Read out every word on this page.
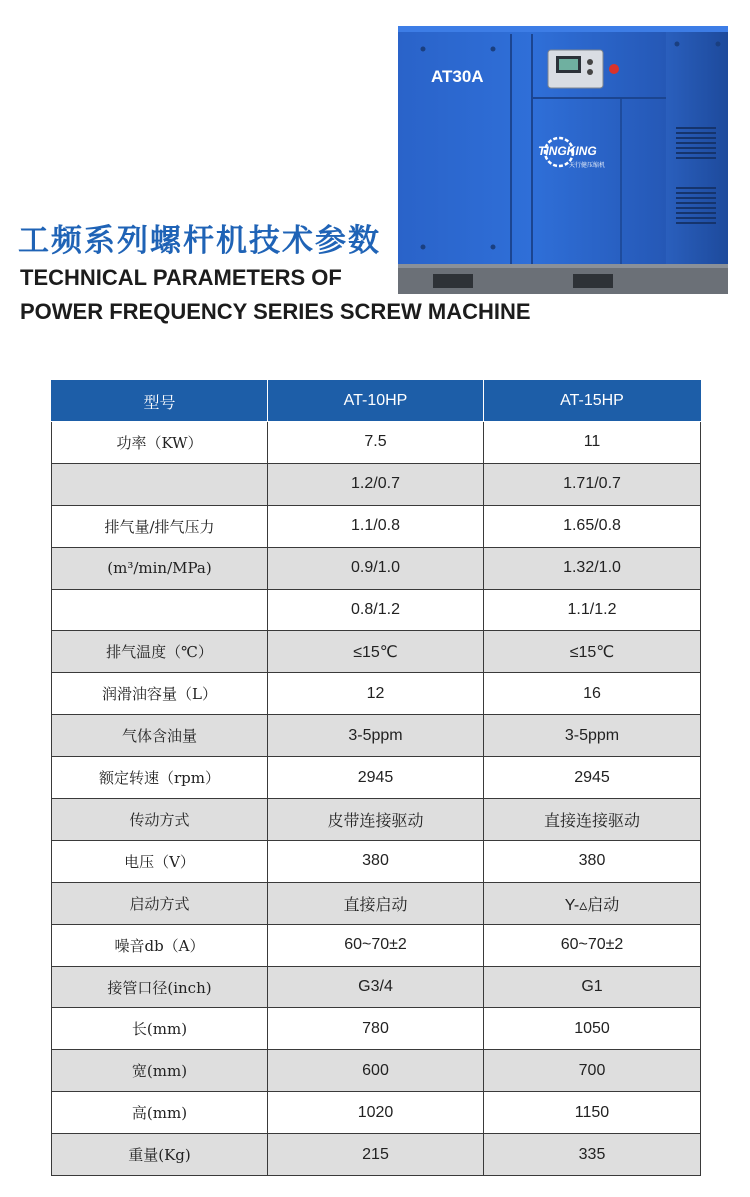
AT30A
TINGKING
天行健压缩机
工频系列螺杆机技术参数
TECHNICAL PARAMETERS OF
POWER FREQUENCY SERIES SCREW MACHINE
型号	AT-10HP	AT-15HP
功率（KW）	7.5	11
	1.2/0.7	1.71/0.7
排气量/排气压力	1.1/0.8	1.65/0.8
(m³/min/MPa)	0.9/1.0	1.32/1.0
	0.8/1.2	1.1/1.2
排气温度（℃）	≤15℃	≤15℃
润滑油容量（L）	12	16
气体含油量	3-5ppm	3-5ppm
额定转速（rpm）	2945	2945
传动方式	皮带连接驱动	直接连接驱动
电压（V）	380	380
启动方式	直接启动	Y-▵启动
噪音db（A）	60~70±2	60~70±2
接管口径(inch)	G3/4	G1
长(mm)	780	1050
宽(mm)	600	700
高(mm)	1020	1150
重量(Kg)	215	335
